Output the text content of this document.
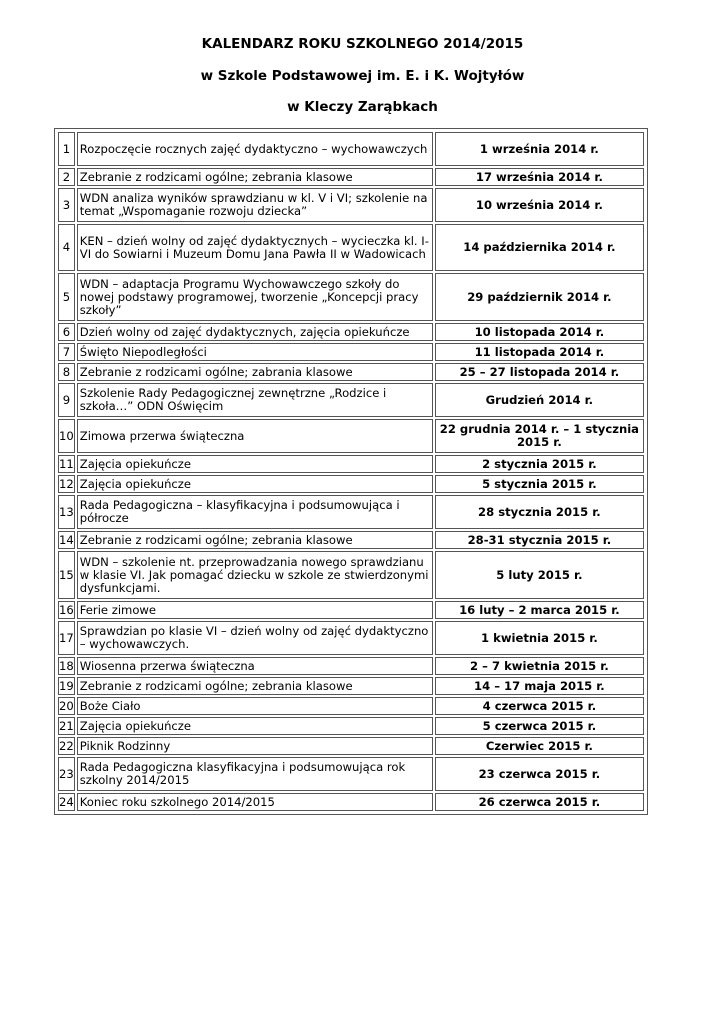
KALENDARZ ROKU SZKOLNEGO 2014/2015

w Szkole Podstawowej im. E. i K. Wojtyłów

w Kleczy Zarąbkach

1	Rozpoczęcie rocznych zajęć dydaktyczno – wychowawczych	1 września 2014 r.
2	Zebranie z rodzicami ogólne; zebrania klasowe	17 września 2014 r.
3	WDN analiza wyników sprawdzianu w kl. V i VI; szkolenie na temat „Wspomaganie rozwoju dziecka”	10 września 2014 r.
4	KEN – dzień wolny od zajęć dydaktycznych – wycieczka kl. I-VI do Sowiarni i Muzeum Domu Jana Pawła II w Wadowicach	14 października 2014 r.
5	WDN – adaptacja Programu Wychowawczego szkoły do nowej podstawy programowej, tworzenie „Koncepcji pracy szkoły”	29 październik 2014 r.
6	Dzień wolny od zajęć dydaktycznych, zajęcia opiekuńcze	10 listopada 2014 r.
7	Święto Niepodległości	11 listopada 2014 r.
8	Zebranie z rodzicami ogólne; zabrania klasowe	25 – 27 listopada 2014 r.
9	Szkolenie Rady Pedagogicznej zewnętrzne „Rodzice i szkoła…” ODN Oświęcim	Grudzień 2014 r.
10	Zimowa przerwa świąteczna	22 grudnia 2014 r. – 1 stycznia 2015 r.
11	Zajęcia opiekuńcze	2 stycznia 2015 r.
12	Zajęcia opiekuńcze	5 stycznia 2015 r.
13	Rada Pedagogiczna – klasyfikacyjna i podsumowująca i półrocze	28 stycznia 2015 r.
14	Zebranie z rodzicami ogólne; zebrania klasowe	28-31 stycznia 2015 r.
15	WDN – szkolenie nt. przeprowadzania nowego sprawdzianu w klasie VI. Jak pomagać dziecku w szkole ze stwierdzonymi dysfunkcjami.	5 luty 2015 r.
16	Ferie zimowe	16 luty – 2 marca 2015 r.
17	Sprawdzian po klasie VI – dzień wolny od zajęć dydaktyczno – wychowawczych.	1 kwietnia 2015 r.
18	Wiosenna przerwa świąteczna	2 – 7 kwietnia 2015 r.
19	Zebranie z rodzicami ogólne; zebrania klasowe	14 – 17 maja 2015 r.
20	Boże Ciało	4 czerwca 2015 r.
21	Zajęcia opiekuńcze	5 czerwca 2015 r.
22	Piknik Rodzinny	Czerwiec 2015 r.
23	Rada Pedagogiczna klasyfikacyjna i podsumowująca rok szkolny 2014/2015	23 czerwca 2015 r.
24	Koniec roku szkolnego 2014/2015	26 czerwca 2015 r.
